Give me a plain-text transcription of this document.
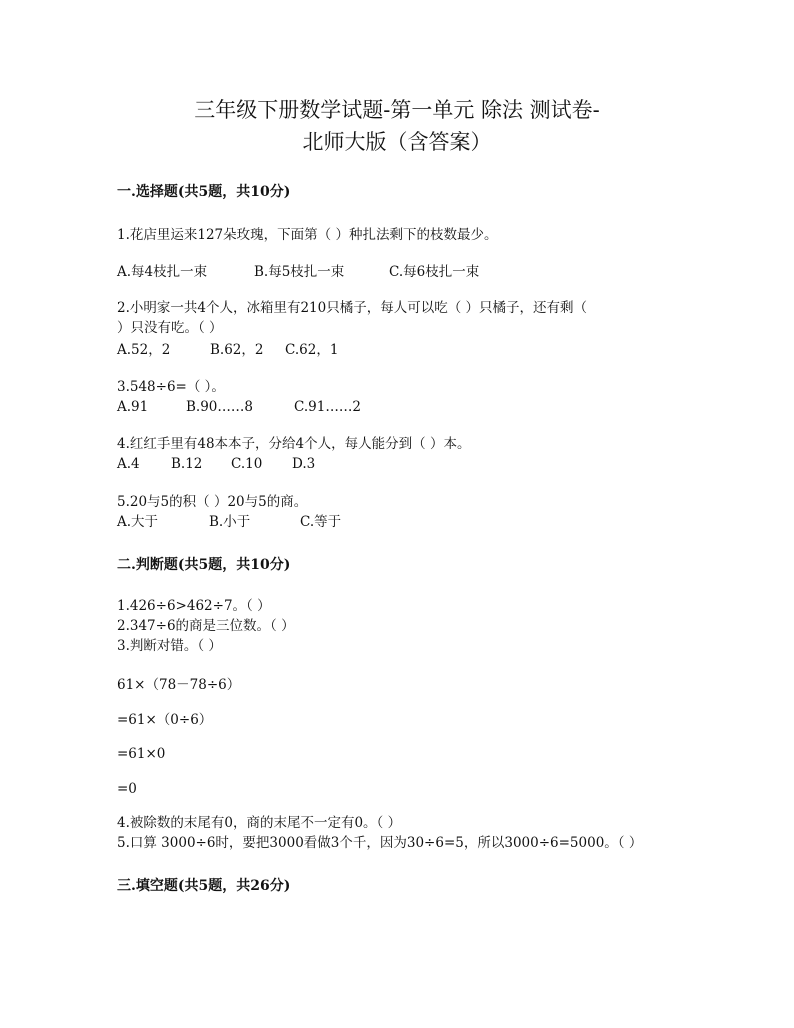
三年级下册数学试题-第一单元 除法 测试卷-
北师大版（含答案）
一.选择题(共5题，共10分)
1.花店里运来127朵玫瑰，下面第（ ）种扎法剩下的枝数最少。
A.每4枝扎一束	B.每5枝扎一束	C.每6枝扎一束
2.小明家一共4个人，冰箱里有210只橘子，每人可以吃（ ）只橘子，还有剩（
）只没有吃。（ ）
A.52，2	B.62，2 C.62，1
3.548÷6=（ ）。
A.91	B.90……8	C.91……2
4.红红手里有48本本子，分给4个人，每人能分到（ ）本。
A.4 B.12 C.10 D.3
5.20与5的积（ ）20与5的商。
A.大于	B.小于	C.等于
二.判断题(共5题，共10分)
1.426÷6>462÷7。（ ）
2.347÷6的商是三位数。（ ）
3.判断对错。（ ）
61×（78－78÷6）
=61×（0÷6）
=61×0
=0
4.被除数的末尾有0，商的末尾不一定有0。（ ）
5.口算 3000÷6时，要把3000看做3个千，因为30÷6=5，所以3000÷6=5000。（ ）
三.填空题(共5题，共26分)
